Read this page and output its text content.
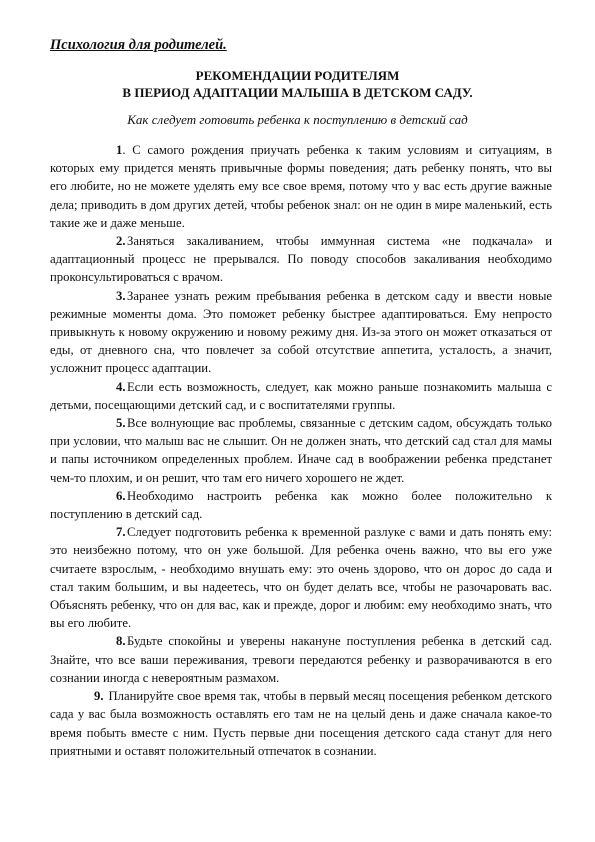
Психология для родителей.
РЕКОМЕНДАЦИИ РОДИТЕЛЯМ
В ПЕРИОД АДАПТАЦИИ МАЛЫША В ДЕТСКОМ САДУ.
Как следует готовить ребенка к поступлению в детский сад

1. С самого рождения приучать ребенка к таким условиям и ситуациям, в которых ему придется менять привычные формы поведения; дать ребенку понять, что вы его любите, но не можете уделять ему все свое время, потому что у вас есть другие важные дела; приводить в дом других детей, чтобы ребенок знал: он не один в мире маленький, есть такие же и даже меньше.

2.Заняться закаливанием, чтобы иммунная система «не подкачала» и адаптационный процесс не прерывался. По поводу способов закаливания необходимо проконсультироваться с врачом.

3.Заранее узнать режим пребывания ребенка в детском саду и ввести новые режимные моменты дома. Это поможет ребенку быстрее адаптироваться. Ему непросто привыкнуть к новому окружению и новому режиму дня. Из-за этого он может отказаться от еды, от дневного сна, что повлечет за собой отсутствие аппетита, усталость, а значит, усложнит процесс адаптации.

4.Если есть возможность, следует, как можно раньше познакомить малыша с детьми, посещающими детский сад, и с воспитателями группы.

5.Все волнующие вас проблемы, связанные с детским садом, обсуждать только при условии, что малыш вас не слышит. Он не должен знать, что детский сад стал для мамы и папы источником определенных проблем. Иначе сад в воображении ребенка предстанет чем-то плохим, и он решит, что там его ничего хорошего не ждет.

6.Необходимо настроить ребенка как можно более положительно к поступлению в детский сад.

7.Следует подготовить ребенка к временной разлуке с вами и дать понять ему: это неизбежно потому, что он уже большой. Для ребенка очень важно, что вы его уже считаете взрослым, - необходимо внушать ему: это очень здорово, что он дорос до сада и стал таким большим, и вы надеетесь, что он будет делать все, чтобы не разочаровать вас. Объяснять ребенку, что он для вас, как и прежде, дорог и любим: ему необходимо знать, что вы его любите.

8.Будьте спокойны и уверены накануне поступления ребенка в детский сад. Знайте, что все ваши переживания, тревоги передаются ребенку и разворачиваются в его сознании иногда с невероятным размахом.

9. Планируйте свое время так, чтобы в первый месяц посещения ребенком детского сада у вас была возможность оставлять его там не на целый день и даже сначала какое-то время побыть вместе с ним. Пусть первые дни посещения детского сада станут для него приятными и оставят положительный отпечаток в сознании.
